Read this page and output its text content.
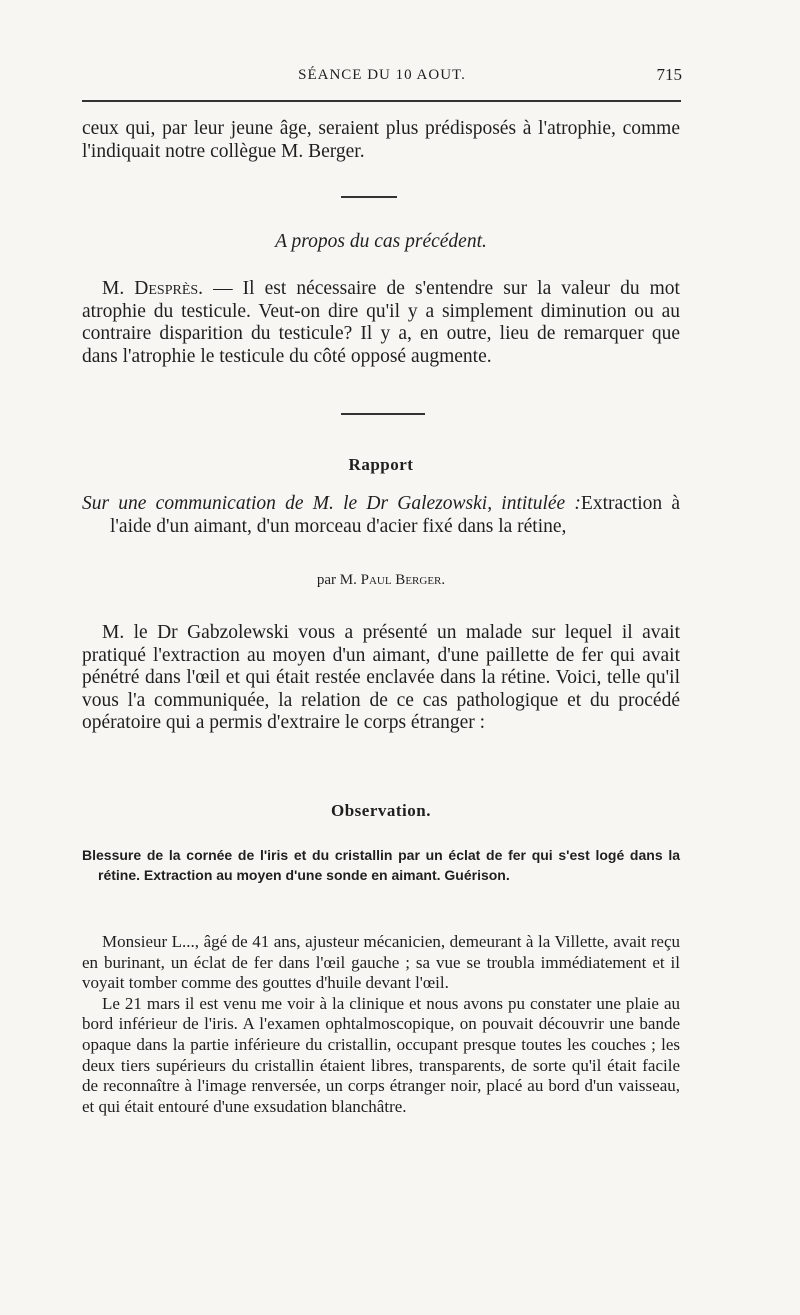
SÉANCE DU 10 AOUT.	715

ceux qui, par leur jeune âge, seraient plus prédisposés à l'atrophie, comme l'indiquait notre collègue M. Berger.

A propos du cas précédent.

M. Desprès. — Il est nécessaire de s'entendre sur la valeur du mot atrophie du testicule. Veut-on dire qu'il y a simplement diminution ou au contraire disparition du testicule? Il y a, en outre, lieu de remarquer que dans l'atrophie le testicule du côté opposé augmente.

Rapport

Sur une communication de M. le Dr Galezowski, intitulée :Extraction à l'aide d'un aimant, d'un morceau d'acier fixé dans la rétine,

par M. Paul Berger.

M. le Dr Gabzolewski vous a présenté un malade sur lequel il avait pratiqué l'extraction au moyen d'un aimant, d'une paillette de fer qui avait pénétré dans l'œil et qui était restée enclavée dans la rétine. Voici, telle qu'il vous l'a communiquée, la relation de ce cas pathologique et du procédé opératoire qui a permis d'extraire le corps étranger :

Observation.
Blessure de la cornée de l'iris et du cristallin par un éclat de fer qui s'est logé dans la rétine. Extraction au moyen d'une sonde en aimant. Guérison.

Monsieur L..., âgé de 41 ans, ajusteur mécanicien, demeurant à la Villette, avait reçu en burinant, un éclat de fer dans l'œil gauche ; sa vue se troubla immédiatement et il voyait tomber comme des gouttes d'huile devant l'œil.

Le 21 mars il est venu me voir à la clinique et nous avons pu constater une plaie au bord inférieur de l'iris. A l'examen ophtalmoscopique, on pouvait découvrir une bande opaque dans la partie inférieure du cristallin, occupant presque toutes les couches ; les deux tiers supérieurs du cristallin étaient libres, transparents, de sorte qu'il était facile de reconnaître à l'image renversée, un corps étranger noir, placé au bord d'un vaisseau, et qui était entouré d'une exsudation blanchâtre.
